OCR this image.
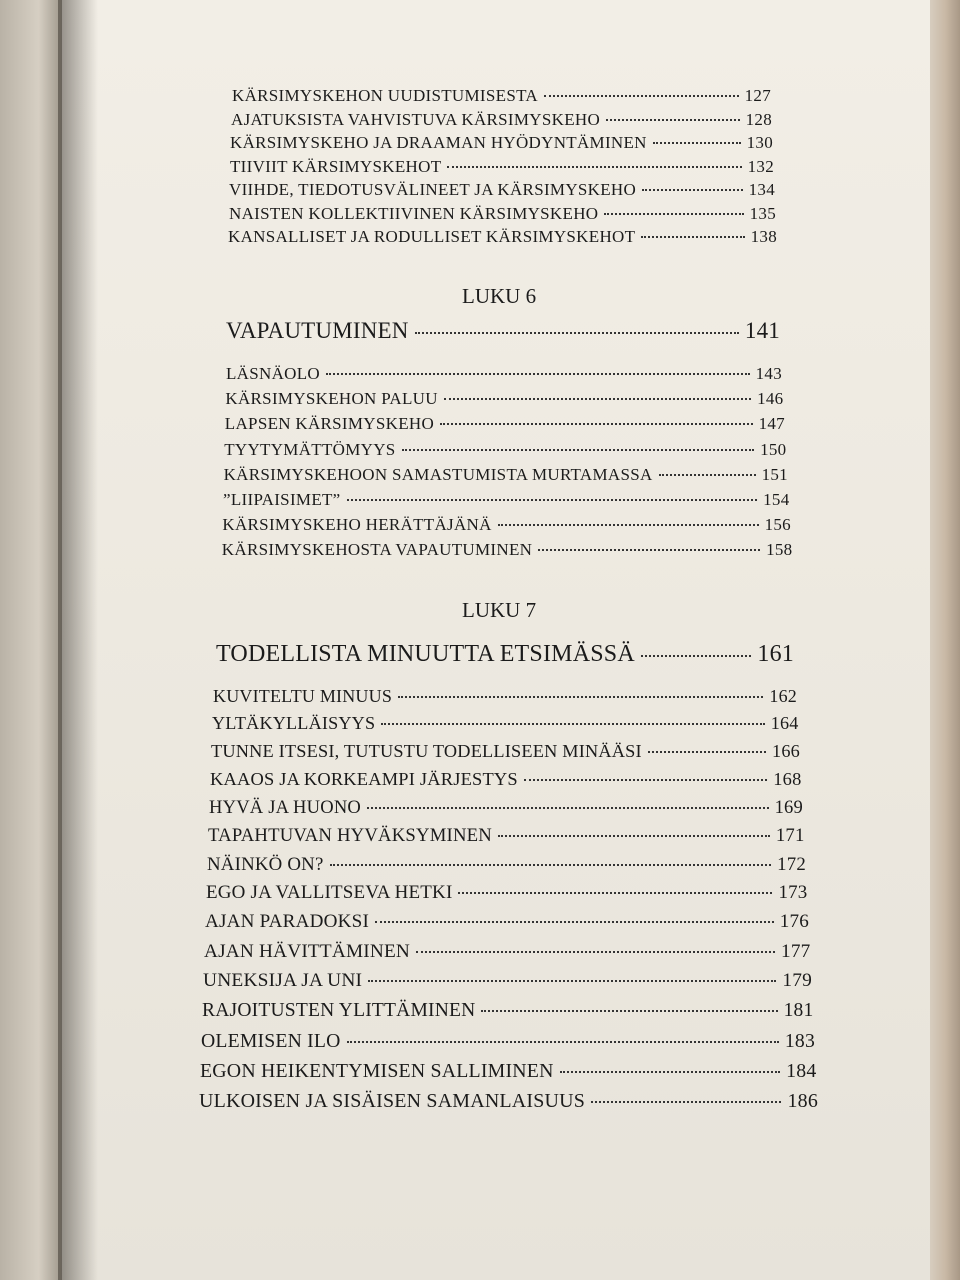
KÄRSIMYSKEHON UUDISTUMISESTA	127
AJATUKSISTA VAHVISTUVA KÄRSIMYSKEHO	128
KÄRSIMYSKEHO JA DRAAMAN HYÖDYNTÄMINEN	130
TIIVIIT KÄRSIMYSKEHOT	132
VIIHDE, TIEDOTUSVÄLINEET JA KÄRSIMYSKEHO	134
NAISTEN KOLLEKTIIVINEN KÄRSIMYSKEHO	135
KANSALLISET JA RODULLISET KÄRSIMYSKEHOT	138
LUKU 6
VAPAUTUMINEN	141
LÄSNÄOLO	143
KÄRSIMYSKEHON PALUU	146
LAPSEN KÄRSIMYSKEHO	147
TYYTYMÄTTÖMYYS	150
KÄRSIMYSKEHOON SAMASTUMISTA MURTAMASSA	151
”LIIPAISIMET”	154
KÄRSIMYSKEHO HERÄTTÄJÄNÄ	156
KÄRSIMYSKEHOSTA VAPAUTUMINEN	158
LUKU 7
TODELLISTA MINUUTTA ETSIMÄSSÄ	161
KUVITELTU MINUUS	162
YLTÄKYLLÄISYYS	164
TUNNE ITSESI, TUTUSTU TODELLISEEN MINÄÄSI	166
KAAOS JA KORKEAMPI JÄRJESTYS	168
HYVÄ JA HUONO	169
TAPAHTUVAN HYVÄKSYMINEN	171
NÄINKÖ ON?	172
EGO JA VALLITSEVA HETKI	173
AJAN PARADOKSI	176
AJAN HÄVITTÄMINEN	177
UNEKSIJA JA UNI	179
RAJOITUSTEN YLITTÄMINEN	181
OLEMISEN ILO	183
EGON HEIKENTYMISEN SALLIMINEN	184
ULKOISEN JA SISÄISEN SAMANLAISUUS	186
